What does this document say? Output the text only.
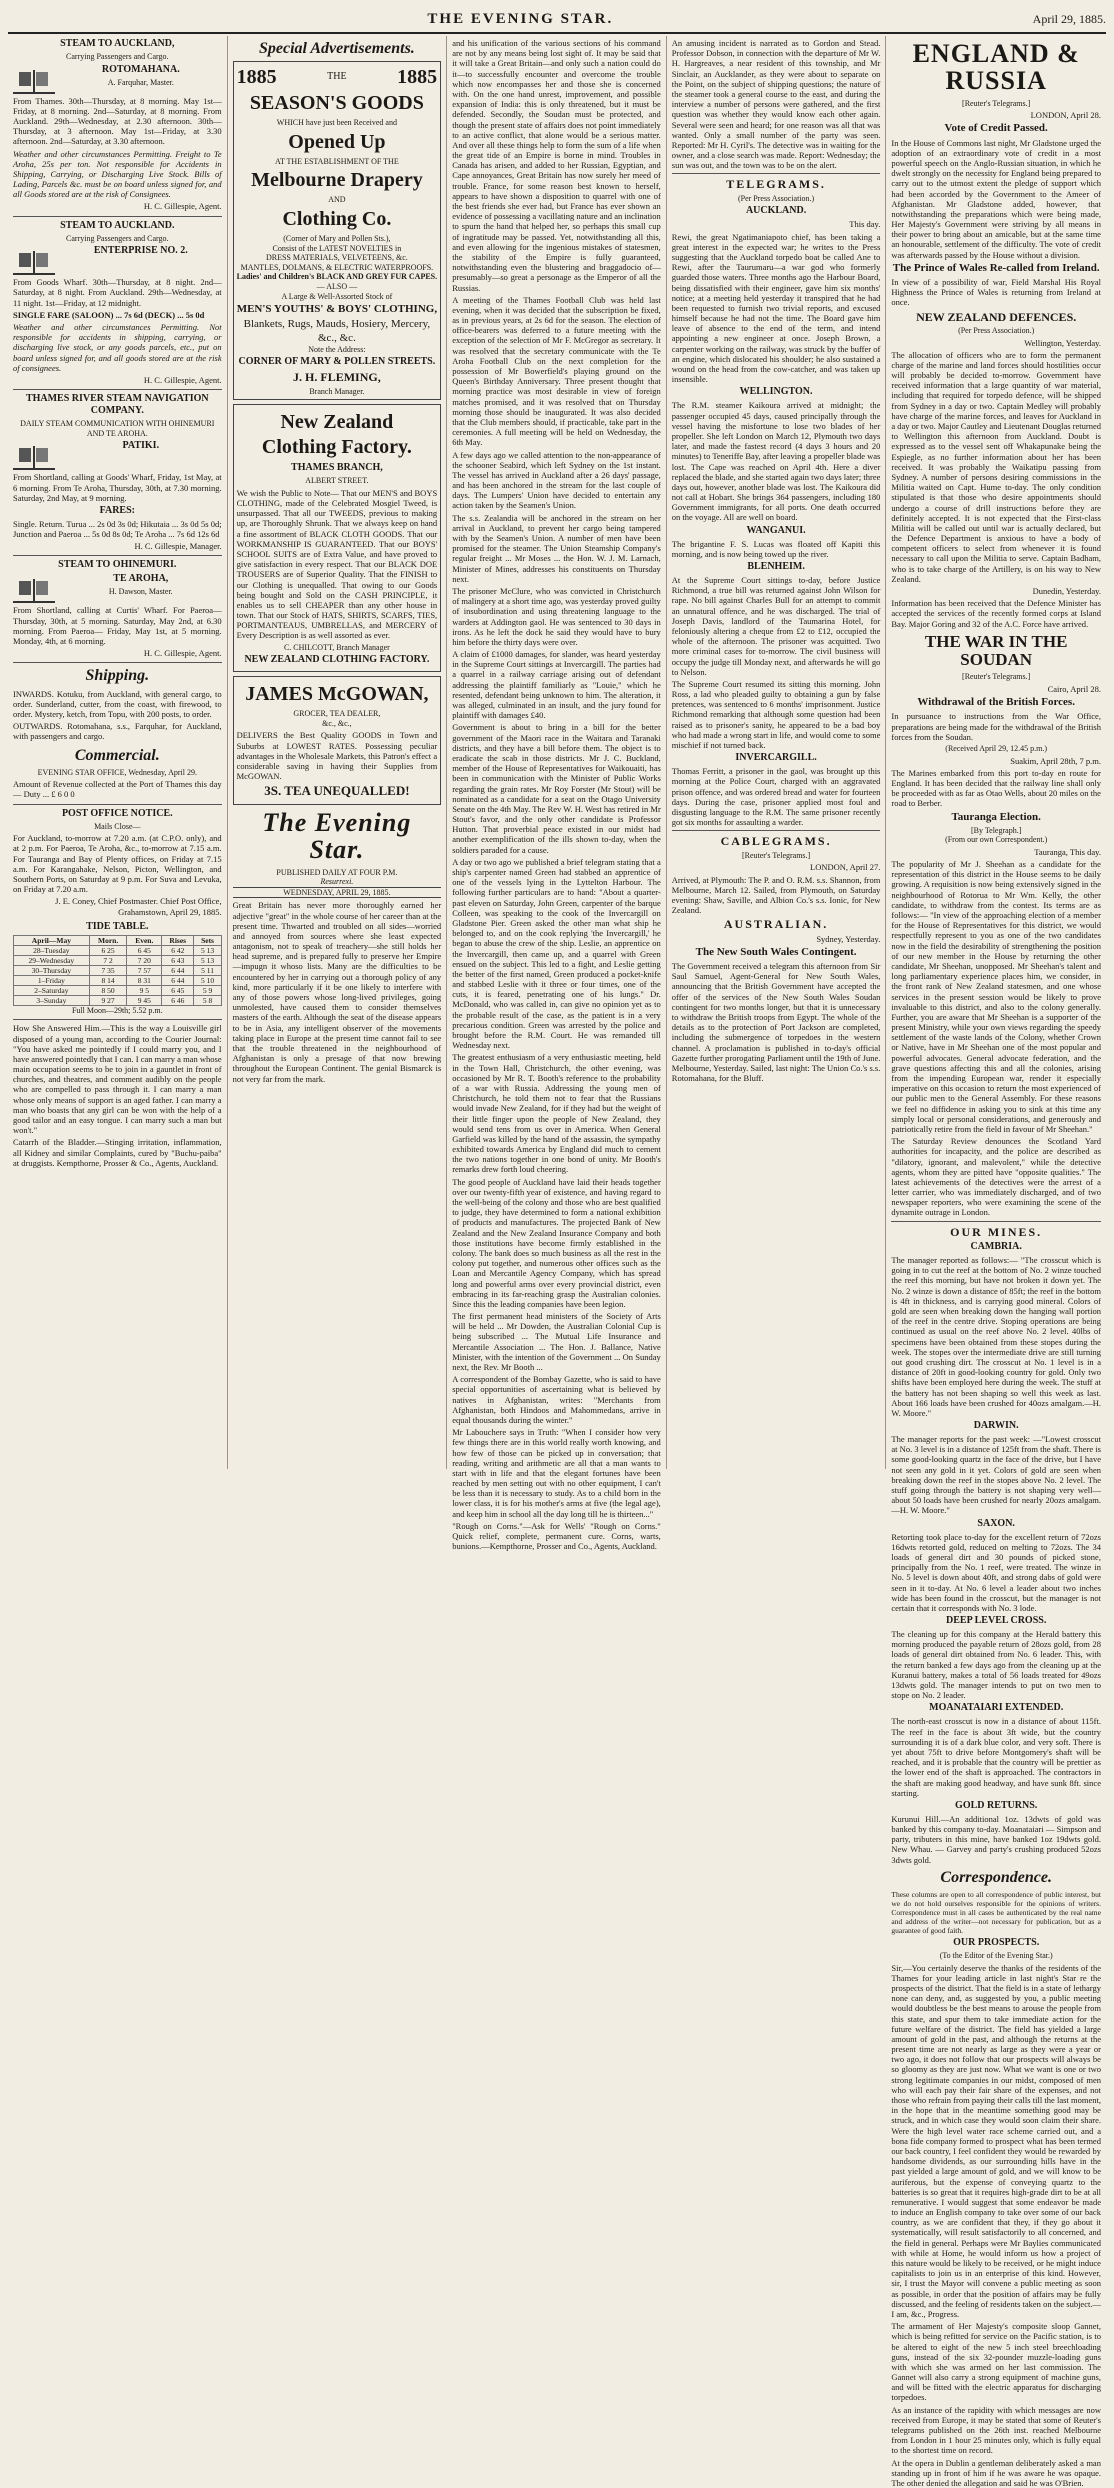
THE EVENING STAR.	April 29, 1885.
STEAM TO AUCKLAND,
Carrying Passengers and Cargo.
ROTOMAHANA.
A. Farquhar, Master.
From Thames. 30th—Thursday, at 8 morning. May 1st—Friday, at 8 morning. 2nd—Saturday, at 8 morning. From Auckland. 29th—Wednesday, at 2.30 afternoon. 30th—Thursday, at 3 afternoon. May 1st—Friday, at 3.30 afternoon. 2nd—Saturday, at 3.30 afternoon.
Weather and other circumstances Permitting. Freight to Te Aroha, 25s per ton. Not responsible for Accidents in Shipping, Carrying, or Discharging Live Stock. Bills of Lading, Parcels &c. must be on board unless signed for, and all Goods stored are at the risk of Consignees.
H. C. Gillespie, Agent.
STEAM TO AUCKLAND.
Carrying Passengers and Cargo.
ENTERPRISE NO. 2.
From Goods Wharf. 30th—Thursday, at 8 night. 2nd—Saturday, at 8 night. From Auckland. 29th—Wednesday, at 11 night. 1st—Friday, at 12 midnight.
SINGLE FARE (SALOON) ... 7s 6d (DECK) ... 5s 0d
Weather and other circumstances Permitting. Not responsible for accidents in shipping, carrying, or discharging live stock, or any goods parcels, etc., put on board unless signed for, and all goods stored are at the risk of consignees.
H. C. Gillespie, Agent.
THAMES RIVER STEAM NAVIGATION COMPANY.
DAILY STEAM COMMUNICATION WITH OHINEMURI AND TE AROHA.
PATIKI.
From Shortland, calling at Goods' Wharf, Friday, 1st May, at 6 morning. From Te Aroha, Thursday, 30th, at 7.30 morning. Saturday, 2nd May, at 9 morning.
FARES:
Single. Return. Turua ... 2s 0d 3s 0d; Hikutaia ... 3s 0d 5s 0d; Junction and Paeroa ... 5s 0d 8s 0d; Te Aroha ... 7s 6d 12s 6d
H. C. Gillespie, Manager.
STEAM TO OHINEMURI.
TE AROHA,
H. Dawson, Master.
From Shortland, calling at Curtis' Wharf. For Paeroa— Thursday, 30th, at 5 morning. Saturday, May 2nd, at 6.30 morning. From Paeroa— Friday, May 1st, at 5 morning. Monday, 4th, at 6 morning.
H. C. Gillespie, Agent.
Shipping.
INWARDS. Kotuku, from Auckland, with general cargo, to order. Sunderland, cutter, from the coast, with firewood, to order. Mystery, ketch, from Topu, with 200 posts, to order.
OUTWARDS. Rotomahana, s.s., Farquhar, for Auckland, with passengers and cargo.
Commercial.
EVENING STAR OFFICE, Wednesday, April 29.
Amount of Revenue collected at the Port of Thames this day — Duty ... £ 6 0 0
POST OFFICE NOTICE.
Mails Close—
For Auckland, to-morrow at 7.20 a.m. (at C.P.O. only), and at 2 p.m. For Paeroa, Te Aroha, &c., to-morrow at 7.15 a.m. For Tauranga and Bay of Plenty offices, on Friday at 7.15 a.m. For Karangahake, Nelson, Picton, Wellington, and Southern Ports, on Saturday at 9 p.m. For Suva and Levuka, on Friday at 7.20 a.m.
J. E. Coney, Chief Postmaster. Chief Post Office, Grahamstown, April 29, 1885.
TIDE TABLE.
April—May	Morn.	Even.	Rises	Sets
28–Tuesday	6 25	6 45	6 42	5 13
29–Wednesday	7 2	7 20	6 43	5 13
30–Thursday	7 35	7 57	6 44	5 11
1–Friday	8 14	8 31	6 44	5 10
2–Saturday	8 50	9 5	6 45	5 9
3–Sunday	9 27	9 45	6 46	5 8
Full Moon—29th; 5.52 p.m.
How She Answered Him.—This is the way a Louisville girl disposed of a young man, according to the Courier Journal: "You have asked me pointedly if I could marry you, and I have answered pointedly that I can. I can marry a man whose main occupation seems to be to join in a gauntlet in front of churches, and theatres, and comment audibly on the people who are compelled to pass through it. I can marry a man whose only means of support is an aged father. I can marry a man who boasts that any girl can be won with the help of a good tailor and an easy tongue. I can marry such a man but won't."
Catarrh of the Bladder.—Stinging irritation, inflammation, all Kidney and similar Complaints, cured by "Buchu-paiba" at druggists. Kempthorne, Prosser & Co., Agents, Auckland.
Special Advertisements.
1885	THE	1885
SEASON'S GOODS
WHICH have just been Received and
Opened Up
AT THE ESTABLISHMENT OF THE
Melbourne Drapery
AND
Clothing Co.
(Corner of Mary and Pollen Sts.),
Consist of the LATEST NOVELTIES in
DRESS MATERIALS, VELVETEENS, &c.
MANTLES, DOLMANS, & ELECTRIC WATERPROOFS.
Ladies' and Children's BLACK AND GREY FUR CAPES.
— ALSO —
A Large & Well-Assorted Stock of
MEN'S YOUTHS' & BOYS' CLOTHING,
Blankets, Rugs, Mauds, Hosiery, Mercery, &c., &c.
Note the Address:
CORNER OF MARY & POLLEN STREETS.
J. H. FLEMING,
Branch Manager.
New Zealand
Clothing Factory.
THAMES BRANCH,
ALBERT STREET.
We wish the Public to Note— That our MEN'S and BOYS CLOTHING, made of the Celebrated Mosgiel Tweed, is unsurpassed. That all our TWEEDS, previous to making up, are Thoroughly Shrunk. That we always keep on hand a fine assortment of BLACK CLOTH GOODS. That our WORKMANSHIP IS GUARANTEED. That our BOYS' SCHOOL SUITS are of Extra Value, and have proved to give satisfaction in every respect. That our BLACK DOE TROUSERS are of Superior Quality. That the FINISH to our Clothing is unequalled. That owing to our Goods being bought and Sold on the CASH PRINCIPLE, it enables us to sell CHEAPER than any other house in town. That our Stock of HATS, SHIRTS, SCARFS, TIES, PORTMANTEAUS, UMBRELLAS, and MERCERY of Every Description is as well assorted as ever.
C. CHILCOTT, Branch Manager
NEW ZEALAND CLOTHING FACTORY.
JAMES McGOWAN,
GROCER, TEA DEALER,
&c., &c.,
DELIVERS the Best Quality GOODS in Town and Suburbs at LOWEST RATES. Possessing peculiar advantages in the Wholesale Markets, this Patron's effect a considerable saving in having their Supplies from McGOWAN.
3S. TEA UNEQUALLED!
The Evening Star.
PUBLISHED DAILY AT FOUR P.M.
Resurrexi.
WEDNESDAY, APRIL 29, 1885.
Great Britain has never more thoroughly earned her adjective "great" in the whole course of her career than at the present time. Thwarted and troubled on all sides—worried and annoyed from sources where she least expected antagonism, not to speak of treachery—she still holds her head supreme, and is prepared fully to preserve her Empire—impugn it whoso lists. Many are the difficulties to be encountered by her in carrying out a thorough policy of any kind, more particularly if it be one likely to interfere with any of those powers whose long-lived privileges, going unmolested, have caused them to consider themselves masters of the earth. Although the seat of the disease appears to be in Asia, any intelligent observer of the movements taking place in Europe at the present time cannot fail to see that the trouble threatened in the neighbourhood of Afghanistan is only a presage of that now brewing throughout the European Continent. The genial Bismarck is not very far from the mark.
and his unification of the various sections of his command are not by any means being lost sight of. It may be said that it will take a Great Britain—and only such a nation could do it—to successfully encounter and overcome the trouble which now encompasses her and those she is concerned with. On the one hand unrest, improvement, and possible expansion of India: this is only threatened, but it must be defended. Secondly, the Soudan must be protected, and though the present state of affairs does not point immediately to an active conflict, that alone would be a serious matter. And over all these things help to form the sum of a life when the great tide of an Empire is borne in mind. Troubles in Canada has arisen, and added to her Russian, Egyptian, and Cape annoyances, Great Britain has now surely her meed of trouble. France, for some reason best known to herself, appears to have shown a disposition to quarrel with one of the best friends she ever had, but France has ever shown an evidence of possessing a vacillating nature and an inclination to spurn the hand that helped her, so perhaps this small cup of ingratitude may be passed. Yet, notwithstanding all this, and even allowing for the ingenious mistakes of statesmen, the stability of the Empire is fully guaranteed, notwithstanding even the blustering and braggadocio of—presumably—so great a personage as the Emperor of all the Russias.
A meeting of the Thames Football Club was held last evening, when it was decided that the subscription be fixed, as in previous years, at 2s 6d for the season. The election of office-bearers was deferred to a future meeting with the exception of the selection of Mr F. McGregor as secretary. It was resolved that the secretary communicate with the Te Aroha Football Club on the next completion for the possession of Mr Bowerfield's playing ground on the Queen's Birthday Anniversary. Three present thought that morning practice was most desirable in view of foreign matches promised, and it was resolved that on Thursday morning those should be inaugurated. It was also decided that the Club members should, if practicable, take part in the ceremonies. A full meeting will be held on Wednesday, the 6th May.
A few days ago we called attention to the non-appearance of the schooner Seabird, which left Sydney on the 1st instant. The vessel has arrived in Auckland after a 26 days' passage, and has been anchored in the stream for the last couple of days. The Lumpers' Union have decided to entertain any action taken by the Seamen's Union.
The s.s. Zealandia will be anchored in the stream on her arrival in Auckland, to prevent her cargo being tampered with by the Seamen's Union. A number of men have been promised for the steamer. The Union Steamship Company's regular freight ... Mr Moses ... the Hon. W. J. M. Larnach, Minister of Mines, addresses his constituents on Thursday next.
The prisoner McClure, who was convicted in Christchurch of malingery at a short time ago, was yesterday proved guilty of insubordination and using threatening language to the warders at Addington gaol. He was sentenced to 30 days in irons. As he left the dock he said they would have to bury him before the thirty days were over.
A claim of £1000 damages, for slander, was heard yesterday in the Supreme Court sittings at Invercargill. The parties had a quarrel in a railway carriage arising out of defendant addressing the plaintiff familiarly as "Louie," which he resented, defendant being unknown to him. The alteration, it was alleged, culminated in an insult, and the jury found for plaintiff with damages £40.
Government is about to bring in a bill for the better government of the Maori race in the Waitara and Taranaki districts, and they have a bill before them. The object is to eradicate the scab in those districts. Mr J. C. Buckland, member of the House of Representatives for Waikouaiti, has been in communication with the Minister of Public Works regarding the grain rates. Mr Roy Forster (Mr Stout) will be nominated as a candidate for a seat on the Otago University Senate on the 4th May. The Rev W. H. West has retired in Mr Stout's favor, and the only other candidate is Professor Hutton. That proverbial peace existed in our midst had another exemplification of the ills shown to-day, when the soldiers paraded for a cause.
A day or two ago we published a brief telegram stating that a ship's carpenter named Green had stabbed an apprentice of one of the vessels lying in the Lyttelton Harbour. The following further particulars are to hand: "About a quarter-past eleven on Saturday, John Green, carpenter of the barque Colleen, was speaking to the cook of the Invercargill on Gladstone Pier. Green asked the other man what ship he belonged to, and on the cook replying 'the Invercargill,' he began to abuse the crew of the ship. Leslie, an apprentice on the Invercargill, then came up, and a quarrel with Green ensued on the subject. This led to a fight, and Leslie getting the better of the first named, Green produced a pocket-knife and stabbed Leslie with it three or four times, one of the cuts, it is feared, penetrating one of his lungs." Dr. McDonald, who was called in, can give no opinion yet as to the probable result of the case, as the patient is in a very precarious condition. Green was arrested by the police and brought before the R.M. Court. He was remanded till Wednesday next.
The greatest enthusiasm of a very enthusiastic meeting, held in the Town Hall, Christchurch, the other evening, was occasioned by Mr R. T. Booth's reference to the probability of a war with Russia. Addressing the young men of Christchurch, he told them not to fear that the Russians would invade New Zealand, for if they had but the weight of their little finger upon the people of New Zealand, they would send tens from us over in America. When General Garfield was killed by the hand of the assassin, the sympathy exhibited towards America by England did much to cement the two nations together in one bond of unity. Mr Booth's remarks drew forth loud cheering.
The good people of Auckland have laid their heads together over our twenty-fifth year of existence, and having regard to the well-being of the colony and those who are best qualified to judge, they have determined to form a national exhibition of products and manufactures. The projected Bank of New Zealand and the New Zealand Insurance Company and both those institutions have become firmly established in the colony. The bank does so much business as all the rest in the colony put together, and numerous other offices such as the Loan and Mercantile Agency Company, which has spread long and powerful arms over every provincial district, even embracing in its far-reaching grasp the Australian colonies. Since this the leading companies have been legion.
The first permanent head ministers of the Society of Arts will be held ... Mr Dowden, the Australian Colonial Cup is being subscribed ... The Mutual Life Insurance and Mercantile Association ... The Hon. J. Ballance, Native Minister, with the intention of the Government ... On Sunday next, the Rev. Mr Booth ...
A correspondent of the Bombay Gazette, who is said to have special opportunities of ascertaining what is believed by natives in Afghanistan, writes: "Merchants from Afghanistan, both Hindoos and Mahommedans, arrive in equal thousands during the winter."
Mr Labouchere says in Truth: "When I consider how very few things there are in this world really worth knowing, and how few of those can be picked up in conversation; that reading, writing and arithmetic are all that a man wants to start with in life and that the elegant fortunes have been reached by men setting out with no other equipment, I can't be less than it is necessary to study. As to a child born in the lower class, it is for his mother's arms at five (the legal age), and keep him in school all the day long till he is thirteen..."
"Rough on Corns."—Ask for Wells' "Rough on Corns." Quick relief, complete, permanent cure. Corns, warts, bunions.—Kempthorne, Prosser and Co., Agents, Auckland.
An amusing incident is narrated as to Gordon and Stead. Professor Dobson, in connection with the departure of Mr W. H. Hargreaves, a near resident of this township, and Mr Sinclair, an Aucklander, as they were about to separate on the Point, on the subject of shipping questions; the nature of the steamer took a general course to the east, and during the interview a number of persons were gathered, and the first question was whether they would know each other again. Several were seen and heard; for one reason was all that was wanted. Only a small number of the party was seen. Reported: Mr H. Cyril's. The detective was in waiting for the owner, and a close search was made. Report: Wednesday; the sun was out, and the town was to be on the alert.
TELEGRAMS.
(Per Press Association.)
AUCKLAND.
This day.
Rewi, the great Ngatimaniapoto chief, has been taking a great interest in the expected war; he writes to the Press suggesting that the Auckland torpedo boat be called Ane to Rewi, after the Taurumaru—a war god who formerly guarded those waters. Three months ago the Harbour Board, being dissatisfied with their engineer, gave him six months' notice; at a meeting held yesterday it transpired that he had been requested to furnish two trivial reports, and excused himself because he had not the time. The Board gave him leave of absence to the end of the term, and intend appointing a new engineer at once. Joseph Brown, a carpenter working on the railway, was struck by the buffer of an engine, which dislocated his shoulder; he also sustained a wound on the head from the cow-catcher, and was taken up insensible.
WELLINGTON.
The R.M. steamer Kaikoura arrived at midnight; the passenger occupied 45 days, caused principally through the vessel having the misfortune to lose two blades of her propeller. She left London on March 12, Plymouth two days later, and made the fastest record (4 days 3 hours and 20 minutes) to Teneriffe Bay, after leaving a propeller blade was lost. The Cape was reached on April 4th. Here a diver replaced the blade, and she started again two days later; three days out, however, another blade was lost. The Kaikoura did not call at Hobart. She brings 364 passengers, including 180 Government immigrants, for all ports. One death occurred on the voyage. All are well on board.
WANGANUI.
The brigantine F. S. Lucas was floated off Kapiti this morning, and is now being towed up the river.
BLENHEIM.
At the Supreme Court sittings to-day, before Justice Richmond, a true bill was returned against John Wilson for rape. No bill against Charles Bull for an attempt to commit an unnatural offence, and he was discharged. The trial of Joseph Davis, landlord of the Taumarina Hotel, for feloniously altering a cheque from £2 to £12, occupied the whole of the afternoon. The prisoner was acquitted. Two more criminal cases for to-morrow. The civil business will occupy the judge till Monday next, and afterwards he will go to Nelson.
The Supreme Court resumed its sitting this morning. John Ross, a lad who pleaded guilty to obtaining a gun by false pretences, was sentenced to 6 months' imprisonment. Justice Richmond remarking that although some question had been raised as to prisoner's sanity, he appeared to be a bad boy who had made a wrong start in life, and would come to some mischief if not turned back.
INVERCARGILL.
Thomas Ferritt, a prisoner in the gaol, was brought up this morning at the Police Court, charged with an aggravated prison offence, and was ordered bread and water for fourteen days. During the case, prisoner applied most foul and disgusting language to the R.M. The same prisoner recently got six months for assaulting a warder.
CABLEGRAMS.
[Reuter's Telegrams.]
LONDON, April 27.
Arrived, at Plymouth: The P. and O. R.M. s.s. Shannon, from Melbourne, March 12. Sailed, from Plymouth, on Saturday evening: Shaw, Saville, and Albion Co.'s s.s. Ionic, for New Zealand.
AUSTRALIAN.
Sydney, Yesterday.
The New South Wales Contingent.
The Government received a telegram this afternoon from Sir Saul Samuel, Agent-General for New South Wales, announcing that the British Government have accepted the offer of the services of the New South Wales Soudan contingent for two months longer, but that it is unnecessary to withdraw the British troops from Egypt. The whole of the details as to the protection of Port Jackson are completed, including the submergence of torpedoes in the western channel. A proclamation is published in to-day's official Gazette further prorogating Parliament until the 19th of June. Melbourne, Yesterday. Sailed, last night: The Union Co.'s s.s. Rotomahana, for the Bluff.
ENGLAND & RUSSIA
[Reuter's Telegrams.]
LONDON, April 28.
Vote of Credit Passed.
In the House of Commons last night, Mr Gladstone urged the adoption of an extraordinary vote of credit in a most powerful speech on the Anglo-Russian situation, in which he dwelt strongly on the necessity for England being prepared to carry out to the utmost extent the pledge of support which had been accorded by the Government to the Ameer of Afghanistan. Mr Gladstone added, however, that notwithstanding the preparations which were being made, Her Majesty's Government were striving by all means in their power to bring about an amicable, but at the same time an honourable, settlement of the difficulty. The vote of credit was afterwards passed by the House without a division.
The Prince of Wales Re-called from Ireland.
In view of a possibility of war, Field Marshal His Royal Highness the Prince of Wales is returning from Ireland at once.
NEW ZEALAND DEFENCES.
(Per Press Association.)
Wellington, Yesterday.
The allocation of officers who are to form the permanent charge of the marine and land forces should hostilities occur will probably be decided to-morrow. Government have received information that a large quantity of war material, including that required for torpedo defence, will be shipped from Sydney in a day or two. Captain Medley will probably have charge of the marine forces, and leaves for Auckland in a day or two. Major Cautley and Lieutenant Douglas returned to Wellington this afternoon from Auckland. Doubt is expressed as to the vessel sent off Whakapunake being the Espiegle, as no further information about her has been received. It was probably the Waikatipu passing from Sydney. A number of persons desiring commissions in the Militia waited on Capt. Hume to-day. The only condition stipulated is that those who desire appointments should undergo a course of drill instructions before they are definitely accepted. It is not expected that the First-class Militia will be called out until war is actually declared, but the Defence Department is anxious to have a body of competent officers to select from whenever it is found necessary to call upon the Militia to serve. Captain Badham, who is to take charge of the Artillery, is on his way to New Zealand.
Dunedin, Yesterday.
Information has been received that the Defence Minister has accepted the services of the recently formed corps at Island Bay. Major Goring and 32 of the A.C. Force have arrived.
THE WAR IN THE SOUDAN
[Reuter's Telegrams.]
Cairo, April 28.
Withdrawal of the British Forces.
In pursuance to instructions from the War Office, preparations are being made for the withdrawal of the British forces from the Soudan.
(Received April 29, 12.45 p.m.)
Suakim, April 28th, 7 p.m.
The Marines embarked from this port to-day en route for England. It has been decided that the railway line shall only be proceeded with as far as Otao Wells, about 20 miles on the road to Berber.
Tauranga Election.
[By Telegraph.]
(From our own Correspondent.)
Tauranga, This day.
The popularity of Mr J. Sheehan as a candidate for the representation of this district in the House seems to be daily growing. A requisition is now being extensively signed in the neighbourhood of Rotorua to Mr Wm. Kelly, the other candidate, to withdraw from the contest. Its terms are as follows:— "In view of the approaching election of a member for the House of Representatives for this district, we would respectfully represent to you as one of the two candidates now in the field the desirability of strengthening the position of our new member in the House by returning the other candidate, Mr Sheehan, unopposed. Mr Sheehan's talent and long parliamentary experience places him, we consider, in the front rank of New Zealand statesmen, and one whose services in the present session would be likely to prove invaluable to this district, and also to the colony generally. Further, you are aware that Mr Sheehan is a supporter of the present Ministry, while your own views regarding the speedy settlement of the waste lands of the Colony, whether Crown or Native, have in Mr Sheehan one of the most popular and powerful advocates. General advocate federation, and the grave questions affecting this and all the colonies, arising from the impending European war, render it especially imperative on this occasion to return the most experienced of our public men to the General Assembly. For these reasons we feel no diffidence in asking you to sink at this time any simply local or personal considerations, and generously and patriotically retire from the field in favour of Mr Sheehan."
The Saturday Review denounces the Scotland Yard authorities for incapacity, and the police are described as "dilatory, ignorant, and malevolent," while the detective agents, whom they are pitted have "opposite qualities." The latest achievements of the detectives were the arrest of a letter carrier, who was immediately discharged, and of two newspaper reporters, who were examining the scene of the dynamite outrage in London.
OUR MINES.
CAMBRIA.
The manager reported as follows:— "The crosscut which is going in to cut the reef at the bottom of No. 2 winze touched the reef this morning, but have not broken it down yet. The No. 2 winze is down a distance of 85ft; the reef in the bottom is 4ft in thickness, and is carrying good mineral. Colors of gold are seen when breaking down the hanging wall portion of the reef in the centre drive. Stoping operations are being continued as usual on the reef above No. 2 level. 40lbs of specimens have been obtained from these stopes during the week. The stopes over the intermediate drive are still turning out good crushing dirt. The crosscut at No. 1 level is in a distance of 20ft in good-looking country for gold. Only two shifts have been employed here during the week. The stuff at the battery has not been shaping so well this week as last. About 166 loads have been crushed for 40ozs amalgam.—H. W. Moore."
DARWIN.
The manager reports for the past week: —"Lowest crosscut at No. 3 level is in a distance of 125ft from the shaft. There is some good-looking quartz in the face of the drive, but I have not seen any gold in it yet. Colors of gold are seen when breaking down the reef in the stopes above No. 2 level. The stuff going through the battery is not shaping very well—about 50 loads have been crushed for nearly 20ozs amalgam.—H. W. Moore."
SAXON.
Retorting took place to-day for the excellent return of 72ozs 16dwts retorted gold, reduced on melting to 72ozs. The 34 loads of general dirt and 30 pounds of picked stone, principally from the No. 1 reef, were treated. The winze in No. 5 level is down about 40ft, and strong dabs of gold were seen in it to-day. At No. 6 level a leader about two inches wide has been found in the crosscut, but the manager is not certain that it corresponds with No. 3 lode.
DEEP LEVEL CROSS.
The cleaning up for this company at the Herald battery this morning produced the payable return of 28ozs gold, from 28 loads of general dirt obtained from No. 6 leader. This, with the return banked a few days ago from the cleaning up at the Kuranui battery, makes a total of 56 loads treated for 49ozs 13dwts gold. The manager intends to put on two men to stope on No. 2 leader.
MOANATAIARI EXTENDED.
The north-east crosscut is now in a distance of about 115ft. The reef in the face is about 3ft wide, but the country surrounding it is of a dark blue color, and very soft. There is yet about 75ft to drive before Montgomery's shaft will be reached, and it is probable that the country will be prettier as the lower end of the shaft is approached. The contractors in the shaft are making good headway, and have sunk 8ft. since starting.
GOLD RETURNS.
Kurunui Hill.—An additional 1oz. 13dwts of gold was banked by this company to-day. Moanataiari — Simpson and party, tributers in this mine, have banked 1oz 19dwts gold. New Whau. — Garvey and party's crushing produced 52ozs 3dwts gold.
Correspondence.
These columns are open to all correspondence of public interest, but we do not hold ourselves responsible for the opinions of writers. Correspondence must in all cases be authenticated by the real name and address of the writer—not necessary for publication, but as a guarantee of good faith.
OUR PROSPECTS.
(To the Editor of the Evening Star.)
Sir,—You certainly deserve the thanks of the residents of the Thames for your leading article in last night's Star re the prospects of the district. That the field is in a state of lethargy none can deny, and, as suggested by you, a public meeting would doubtless be the best means to arouse the people from this state, and spur them to take immediate action for the future welfare of the district. The field has yielded a large amount of gold in the past, and although the returns at the present time are not nearly as large as they were a year or two ago, it does not follow that our prospects will always be so gloomy as they are just now. What we want is one or two strong legitimate companies in our midst, composed of men who will each pay their fair share of the expenses, and not those who refrain from paying their calls till the last moment, in the hope that in the meantime something good may be struck, and in which case they would soon claim their share. Were the high level water race scheme carried out, and a bona fide company formed to prospect what has been termed our back country, I feel confident they would be rewarded by handsome dividends, as our surrounding hills have in the past yielded a large amount of gold, and we will know to be auriferous, but the expense of conveying quartz to the batteries is so great that it requires high-grade dirt to be at all remunerative. I would suggest that some endeavor be made to induce an English company to take over some of our back country, as we are confident that they, if they go about it systematically, will result satisfactorily to all concerned, and the field in general. Perhaps were Mr Baylies communicated with while at Home, he would inform us how a project of this nature would be likely to be received, or he might induce capitalists to join us in an enterprise of this kind. However, sir, I trust the Mayor will convene a public meeting as soon as possible, in order that the position of affairs may be fully discussed, and the feeling of residents taken on the subject.—I am, &c., Progress.
The armament of Her Majesty's composite sloop Gannet, which is being refitted for service on the Pacific station, is to be altered to eight of the new 5 inch steel breechloading guns, instead of the six 32-pounder muzzle-loading guns with which she was armed on her last commission. The Gannet will also carry a strong equipment of machine guns, and will be fitted with the electric apparatus for discharging torpedoes.
As an instance of the rapidity with which messages are now received from Europe, it may be stated that some of Reuter's telegrams published on the 26th inst. reached Melbourne from London in 1 hour 25 minutes only, which is fully equal to the shortest time on record.
At the opera in Dublin a gentleman deliberately asked a man standing up in front of him if he was aware he was opaque. The other denied the allegation and said he was O'Brien.
